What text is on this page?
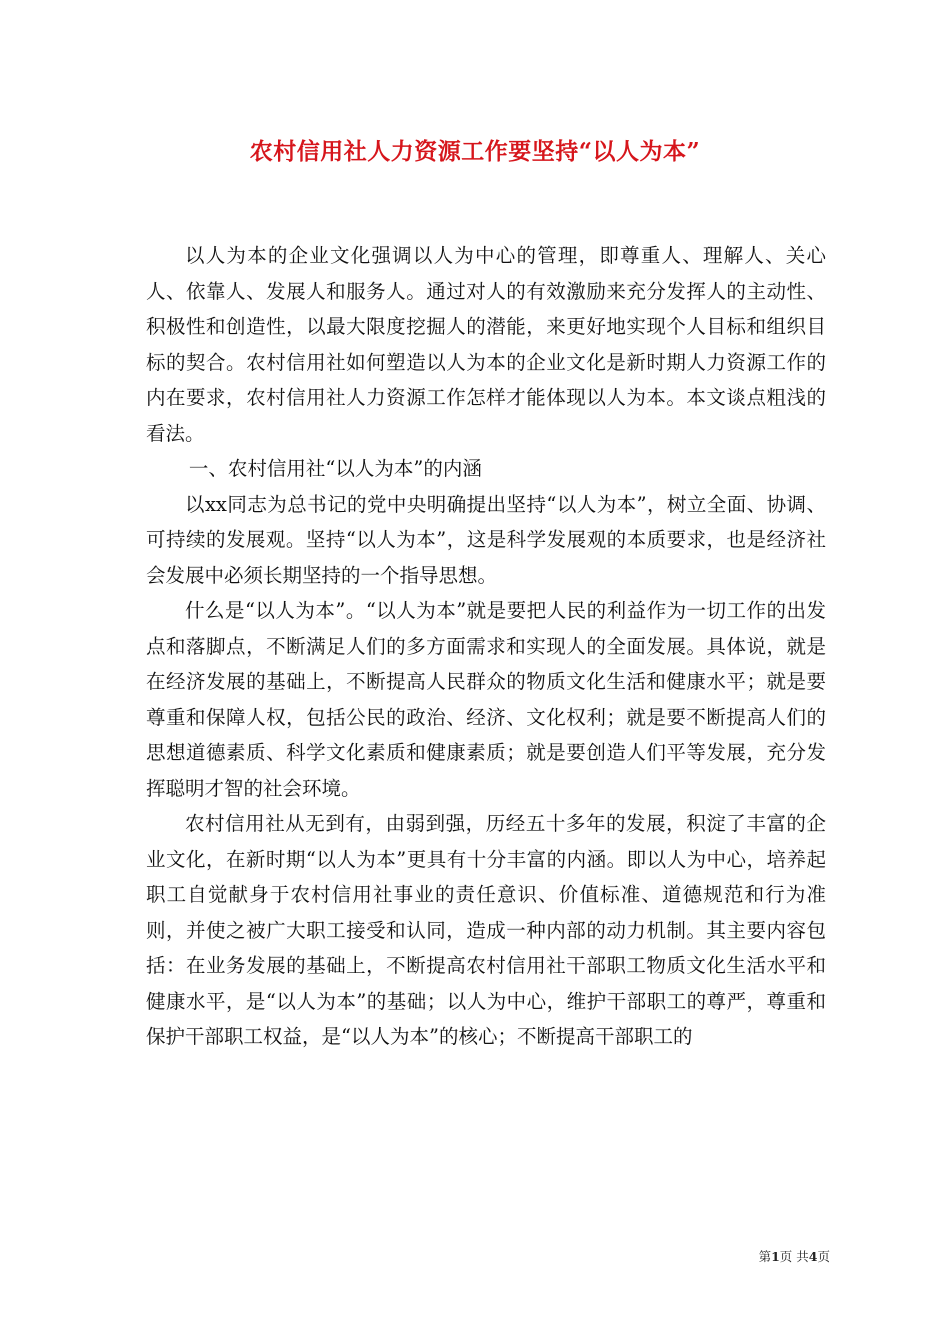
农村信用社人力资源工作要坚持“以人为本”

以人为本的企业文化强调以人为中心的管理，即尊重人、理解人、关心人、依靠人、发展人和服务人。通过对人的有效激励来充分发挥人的主动性、积极性和创造性，以最大限度挖掘人的潜能，来更好地实现个人目标和组织目标的契合。农村信用社如何塑造以人为本的企业文化是新时期人力资源工作的内在要求，农村信用社人力资源工作怎样才能体现以人为本。本文谈点粗浅的看法。

一、农村信用社“以人为本”的内涵

以xx同志为总书记的党中央明确提出坚持“以人为本”，树立全面、协调、可持续的发展观。坚持“以人为本”，这是科学发展观的本质要求，也是经济社会发展中必须长期坚持的一个指导思想。

什么是“以人为本”。“以人为本”就是要把人民的利益作为一切工作的出发点和落脚点，不断满足人们的多方面需求和实现人的全面发展。具体说，就是在经济发展的基础上，不断提高人民群众的物质文化生活和健康水平；就是要尊重和保障人权，包括公民的政治、经济、文化权利；就是要不断提高人们的思想道德素质、科学文化素质和健康素质；就是要创造人们平等发展，充分发挥聪明才智的社会环境。

农村信用社从无到有，由弱到强，历经五十多年的发展，积淀了丰富的企业文化，在新时期“以人为本”更具有十分丰富的内涵。即以人为中心，培养起职工自觉献身于农村信用社事业的责任意识、价值标准、道德规范和行为准则，并使之被广大职工接受和认同，造成一种内部的动力机制。其主要内容包括：在业务发展的基础上，不断提高农村信用社干部职工物质文化生活水平和健康水平，是“以人为本”的基础；以人为中心，维护干部职工的尊严，尊重和保护干部职工权益，是“以人为本”的核心；不断提高干部职工的

第1页 共4页
